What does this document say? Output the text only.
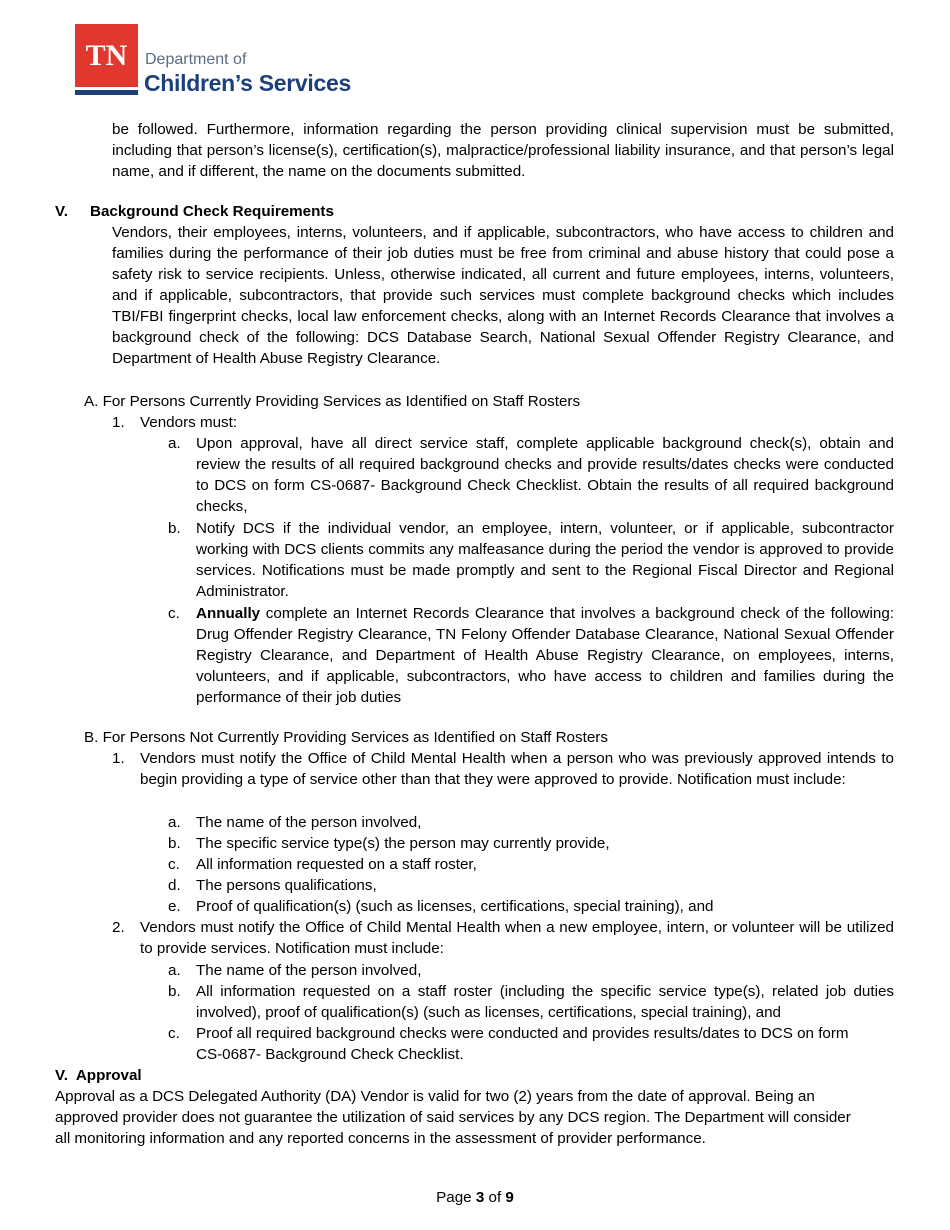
TN	Department of
Children’s Services
be followed. Furthermore, information regarding the person providing clinical supervision must be submitted, including that person’s license(s), certification(s), malpractice/professional liability insurance, and that person’s legal name, and if different, the name on the documents submitted.
V. Background Check Requirements
Vendors, their employees, interns, volunteers, and if applicable, subcontractors, who have access to children and families during the performance of their job duties must be free from criminal and abuse history that could pose a safety risk to service recipients. Unless, otherwise indicated, all current and future employees, interns, volunteers, and if applicable, subcontractors, that provide such services must complete background checks which includes TBI/FBI fingerprint checks, local law enforcement checks, along with an Internet Records Clearance that involves a background check of the following: DCS Database Search, National Sexual Offender Registry Clearance, and Department of Health Abuse Registry Clearance.
A. For Persons Currently Providing Services as Identified on Staff Rosters
1. Vendors must:
a. Upon approval, have all direct service staff, complete applicable background check(s), obtain and review the results of all required background checks and provide results/dates checks were conducted to DCS on form CS-0687- Background Check Checklist. Obtain the results of all required background checks,
b. Notify DCS if the individual vendor, an employee, intern, volunteer, or if applicable, subcontractor working with DCS clients commits any malfeasance during the period the vendor is approved to provide services. Notifications must be made promptly and sent to the Regional Fiscal Director and Regional Administrator.
c. Annually complete an Internet Records Clearance that involves a background check of the following: Drug Offender Registry Clearance, TN Felony Offender Database Clearance, National Sexual Offender Registry Clearance, and Department of Health Abuse Registry Clearance, on employees, interns, volunteers, and if applicable, subcontractors, who have access to children and families during the performance of their job duties
B. For Persons Not Currently Providing Services as Identified on Staff Rosters
1. Vendors must notify the Office of Child Mental Health when a person who was previously approved intends to begin providing a type of service other than that they were approved to provide. Notification must include:
a. The name of the person involved,
b. The specific service type(s) the person may currently provide,
c. All information requested on a staff roster,
d. The persons qualifications,
e. Proof of qualification(s) (such as licenses, certifications, special training), and
2. Vendors must notify the Office of Child Mental Health when a new employee, intern, or volunteer will be utilized to provide services. Notification must include:
a. The name of the person involved,
b. All information requested on a staff roster (including the specific service type(s), related job duties involved), proof of qualification(s) (such as licenses, certifications, special training), and
c. Proof all required background checks were conducted and provides results/dates to DCS on form CS-0687- Background Check Checklist.
V.  Approval
Approval as a DCS Delegated Authority (DA) Vendor is valid for two (2) years from the date of approval. Being an approved provider does not guarantee the utilization of said services by any DCS region. The Department will consider all monitoring information and any reported concerns in the assessment of provider performance.
Page 3 of 9
